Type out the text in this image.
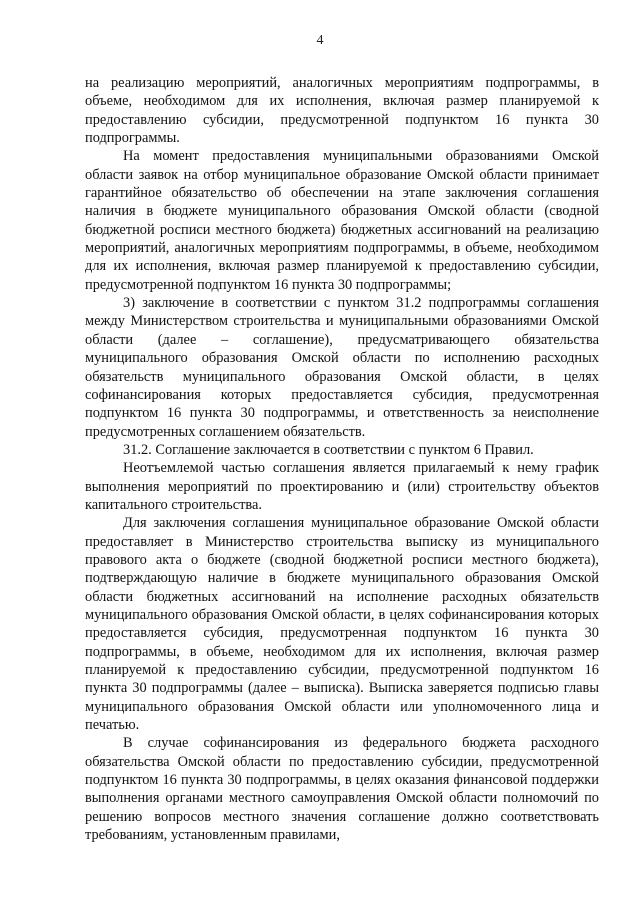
4

на реализацию мероприятий, аналогичных мероприятиям подпрограммы, в объеме, необходимом для их исполнения, включая размер планируемой к предоставлению субсидии, предусмотренной подпунктом 16 пункта 30 подпрограммы.

На момент предоставления муниципальными образованиями Омской области заявок на отбор муниципальное образование Омской области принимает гарантийное обязательство об обеспечении на этапе заключения соглашения наличия в бюджете муниципального образования Омской области (сводной бюджетной росписи местного бюджета) бюджетных ассигнований на реализацию мероприятий, аналогичных мероприятиям подпрограммы, в объеме, необходимом для их исполнения, включая размер планируемой к предоставлению субсидии, предусмотренной подпунктом 16 пункта 30 подпрограммы;

3) заключение в соответствии с пунктом 31.2 подпрограммы соглашения между Министерством строительства и муниципальными образованиями Омской области (далее – соглашение), предусматривающего обязательства муниципального образования Омской области по исполнению расходных обязательств муниципального образования Омской области, в целях софинансирования которых предоставляется субсидия, предусмотренная подпунктом 16 пункта 30 подпрограммы, и ответственность за неисполнение предусмотренных соглашением обязательств.

31.2. Соглашение заключается в соответствии с пунктом 6 Правил.

Неотъемлемой частью соглашения является прилагаемый к нему график выполнения мероприятий по проектированию и (или) строительству объектов капитального строительства.

Для заключения соглашения муниципальное образование Омской области предоставляет в Министерство строительства выписку из муниципального правового акта о бюджете (сводной бюджетной росписи местного бюджета), подтверждающую наличие в бюджете муниципального образования Омской области бюджетных ассигнований на исполнение расходных обязательств муниципального образования Омской области, в целях софинансирования которых предоставляется субсидия, предусмотренная подпунктом 16 пункта 30 подпрограммы, в объеме, необходимом для их исполнения, включая размер планируемой к предоставлению субсидии, предусмотренной подпунктом 16 пункта 30 подпрограммы (далее – выписка). Выписка заверяется подписью главы муниципального образования Омской области или уполномоченного лица и печатью.

В случае софинансирования из федерального бюджета расходного обязательства Омской области по предоставлению субсидии, предусмотренной подпунктом 16 пункта 30 подпрограммы, в целях оказания финансовой поддержки выполнения органами местного самоуправления Омской области полномочий по решению вопросов местного значения соглашение должно соответствовать требованиям, установленным правилами,
